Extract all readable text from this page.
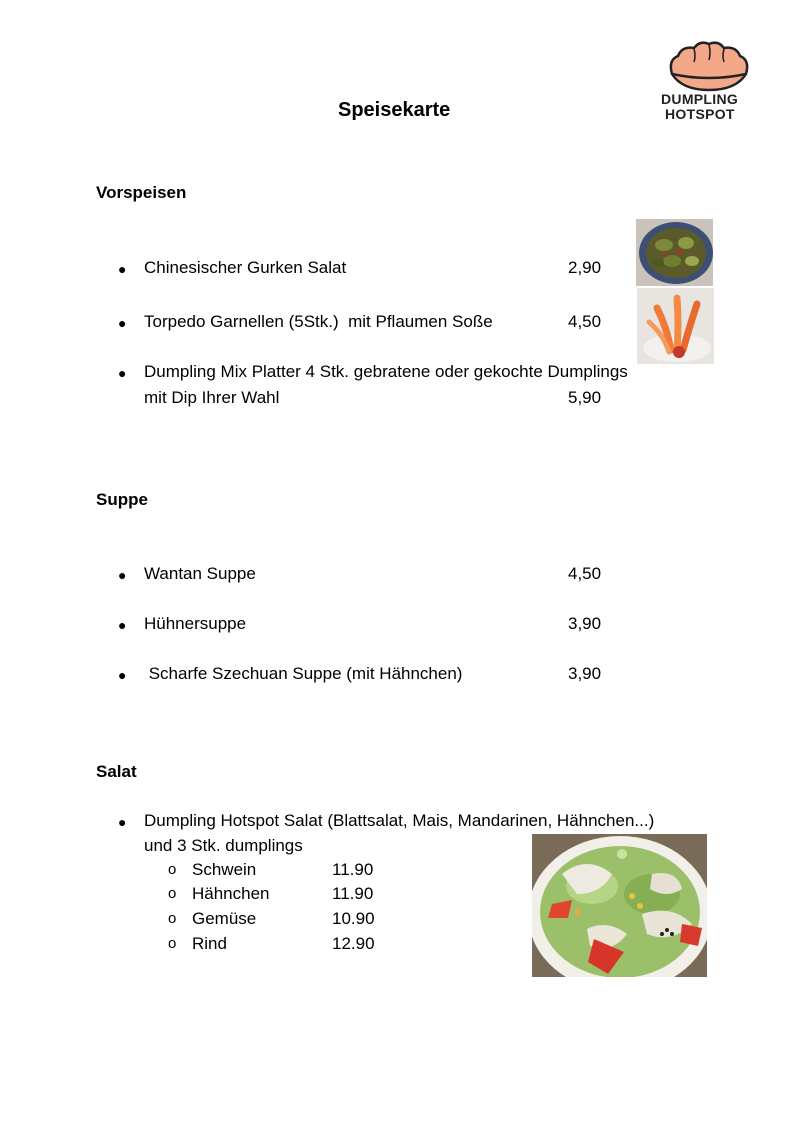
DUMPLING
HOTSPOT
Speisekarte
Vorspeisen
● Chinesischer Gurken Salat	2,90
● Torpedo Garnellen (5Stk.)  mit Pflaumen Soße	4,50
● Dumpling Mix Platter 4 Stk. gebratene oder gekochte Dumplings
mit Dip Ihrer Wahl	5,90
Suppe
● Wantan Suppe	4,50
● Hühnersuppe	3,90
● Scharfe Szechuan Suppe (mit Hähnchen)	3,90
Salat
● Dumpling Hotspot Salat (Blattsalat, Mais, Mandarinen, Hähnchen...)
und 3 Stk. dumplings
o Schwein	11.90
o Hähnchen	11.90
o Gemüse	10.90
o Rind	12.90
